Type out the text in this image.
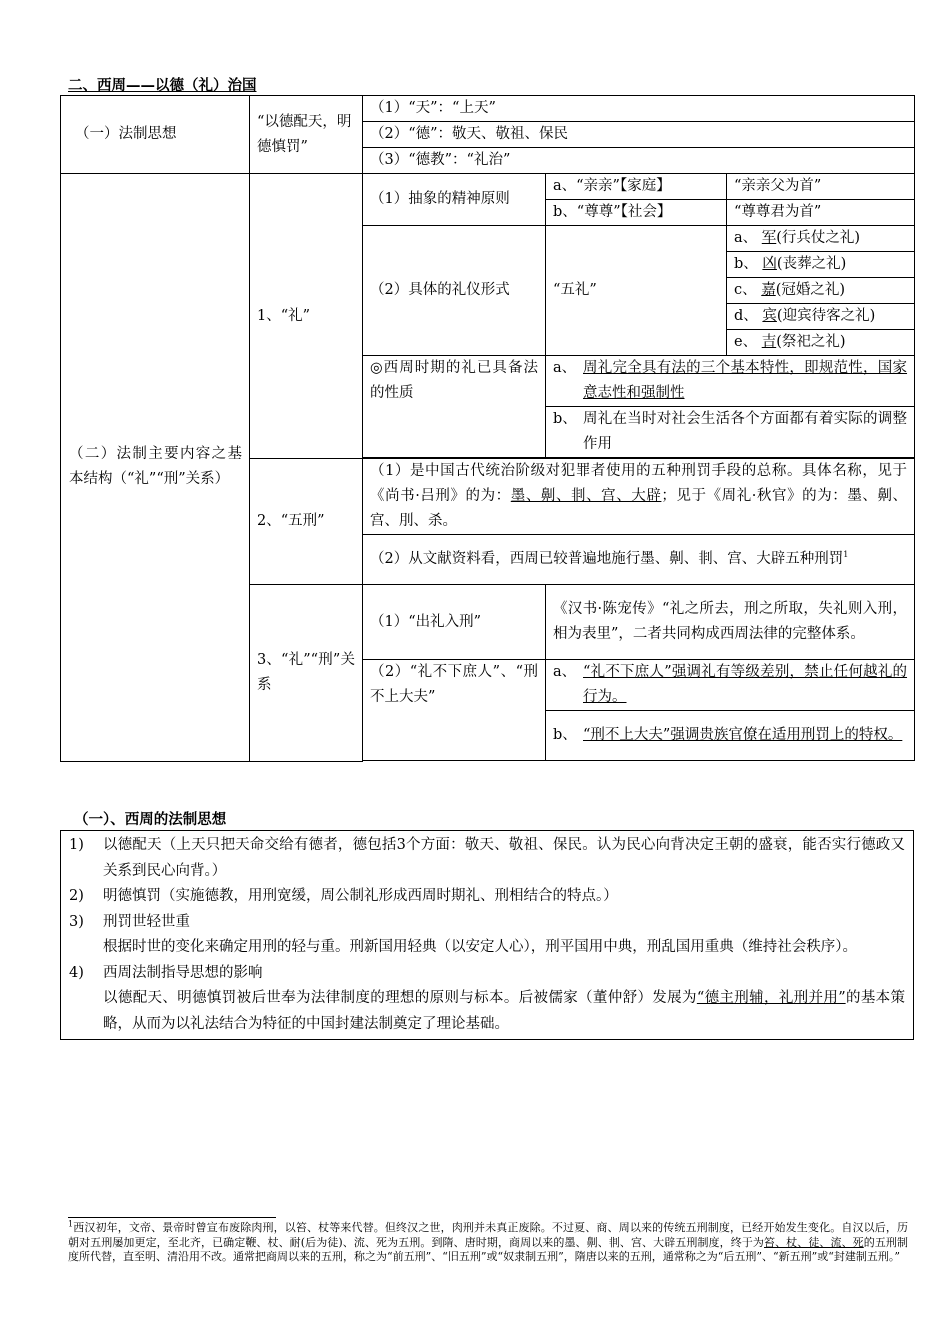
二、西周——以德（礼）治国
（一）法制思想	“以德配天，明德慎罚”	（1）“天”：“上天”		
		（2）“德”：敬天、敬祖、保民		
		（3）“德教”：“礼治”		
（二）法制主要内容之基本结构（“礼”“刑”关系）	1、“礼”	（1）抽象的精神原则	a、“亲亲”【家庭】	“亲亲父为首”
			b、“尊尊”【社会】	“尊尊君为首”
		（2）具体的礼仪形式	“五礼”	a、 军(行兵仗之礼)
				b、 凶(丧葬之礼)
				c、 嘉(冠婚之礼)
				d、 宾(迎宾待客之礼)
				e、 吉(祭祀之礼)
		◎西周时期的礼已具备法的性质	a、 周礼完全具有法的三个基本特性，即规范性，国家意志性和强制性	

			b、 周礼在当时对社会生活各个方面都有着实际的调整作用	

	2、“五刑”	（1）是中国古代统治阶级对犯罪者使用的五种刑罚手段的总称。具体名称，见于《尚书·吕刑》的为：墨、劓、剕、宫、大辟；见于《周礼·秋官》的为：墨、劓、宫、刖、杀。		
		（2）从文献资料看，西周已较普遍地施行墨、劓、剕、宫、大辟五种刑罚$^1$
	3、“礼”“刑”关系	（1）“出礼入刑”	《汉书·陈宠传》“礼之所去，刑之所取，失礼则入刑，相为表里”，二者共同构成西周法律的完整体系。	
		（2）“礼不下庶人”、“刑不上大夫”	a、 “礼不下庶人”强调礼有等级差别，禁止任何越礼的行为。	

			b、 “刑不上大夫”强调贵族官僚在适用刑罚上的特权。	

（一）、西周的法制思想
1)	以德配天（上天只把天命交给有德者，德包括3个方面：敬天、敬祖、保民。认为民心向背决定王朝的盛衰，能否实行德政又关系到民心向背。）
2)	明德慎罚（实施德教，用刑宽缓，周公制礼形成西周时期礼、刑相结合的特点。）
3)	刑罚世轻世重
根据时世的变化来确定用刑的轻与重。刑新国用轻典（以安定人心），刑平国用中典，刑乱国用重典（维持社会秩序）。
4)	西周法制指导思想的影响
以德配天、明德慎罚被后世奉为法律制度的理想的原则与标本。后被儒家（董仲舒）发展为“德主刑辅，礼刑并用”的基本策略，从而为以礼法结合为特征的中国封建法制奠定了理论基础。
$^1$西汉初年，文帝、景帝时曾宣布废除肉刑，以笞、杖等来代替。但终汉之世，肉刑并未真正废除。不过夏、商、周以来的传统五刑制度，已经开始发生变化。自汉以后，历朝对五刑屡加更定，至北齐，已确定鞭、杖、耐(后为徒)、流、死为五刑。到隋、唐时期，商周以来的墨、劓、剕、宫、大辟五刑制度，终于为笞、杖、徒、流、死的五刑制度所代替，直至明、清沿用不改。通常把商周以来的五刑，称之为“前五刑”、“旧五刑”或“奴隶制五刑”，隋唐以来的五刑，通常称之为“后五刑”、“新五刑”或“封建制五刑。”
